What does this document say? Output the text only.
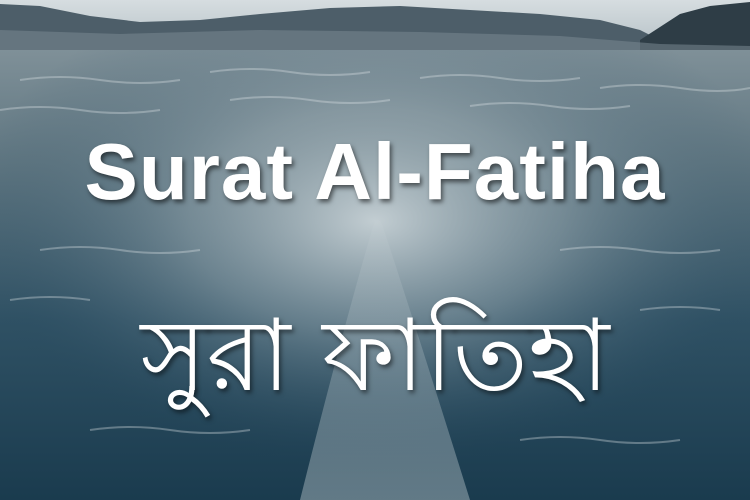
Surat Al-Fatiha
সুরা ফাতিহা
